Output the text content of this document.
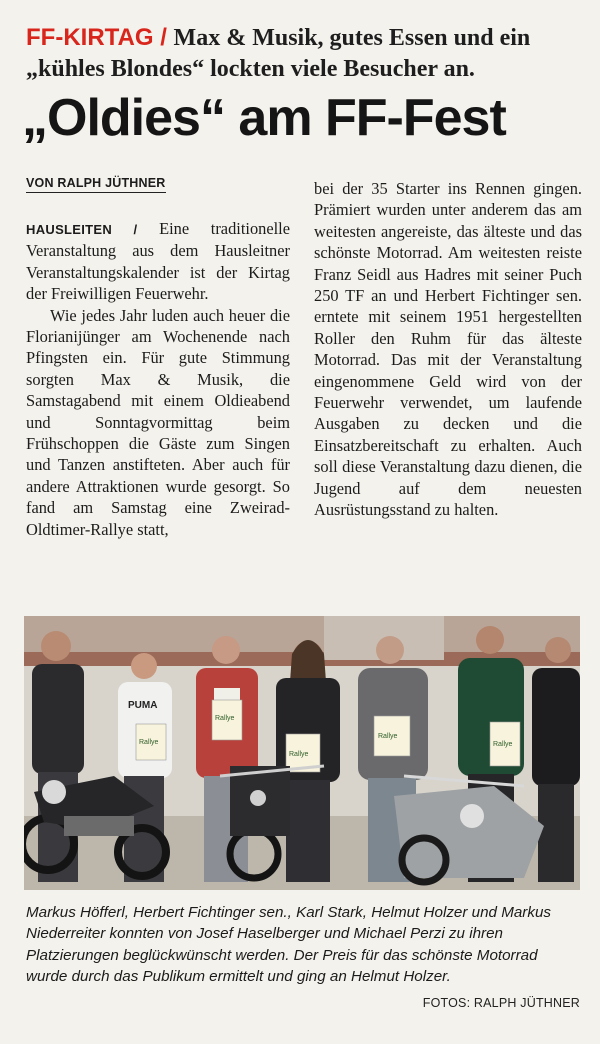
FF-KIRTAG / Max & Musik, gutes Essen und ein „kühles Blondes“ lockten viele Besucher an.
„Oldies“ am FF-Fest
VON RALPH JÜTHNER

HAUSLEITEN / Eine traditionelle Veranstaltung aus dem Hausleitner Veranstaltungskalender ist der Kirtag der Freiwilligen Feuerwehr.

Wie jedes Jahr luden auch heuer die Florianijünger am Wochenende nach Pfingsten ein. Für gute Stimmung sorgten Max & Musik, die Samstagabend mit einem Oldieabend und Sonntagvormittag beim Frühschoppen die Gäste zum Singen und Tanzen anstifteten. Aber auch für andere Attraktionen wurde gesorgt. So fand am Samstag eine Zweirad-Oldtimer-Rallye statt,

bei der 35 Starter ins Rennen gingen. Prämiert wurden unter anderem das am weitesten angereiste, das älteste und das schönste Motorrad. Am weitesten reiste Franz Seidl aus Hadres mit seiner Puch 250 TF an und Herbert Fichtinger sen. erntete mit seinem 1951 hergestellten Roller den Ruhm für das älteste Motorrad. Das mit der Veranstaltung eingenommene Geld wird von der Feuerwehr verwendet, um laufende Ausgaben zu decken und die Einsatzbereitschaft zu erhalten. Auch soll diese Veranstaltung dazu dienen, die Jugend auf dem neuesten Ausrüstungsstand zu halten.

PUMA
Rallye
Rallye
Rallye
Rallye
Rallye
Markus Höfferl, Herbert Fichtinger sen., Karl Stark, Helmut Holzer und Markus Niederreiter konnten von Josef Haselberger und Michael Perzi zu ihren Platzierungen beglückwünscht werden. Der Preis für das schönste Motorrad wurde durch das Publikum ermittelt und ging an Helmut Holzer.
FOTOS: RALPH JÜTHNER
